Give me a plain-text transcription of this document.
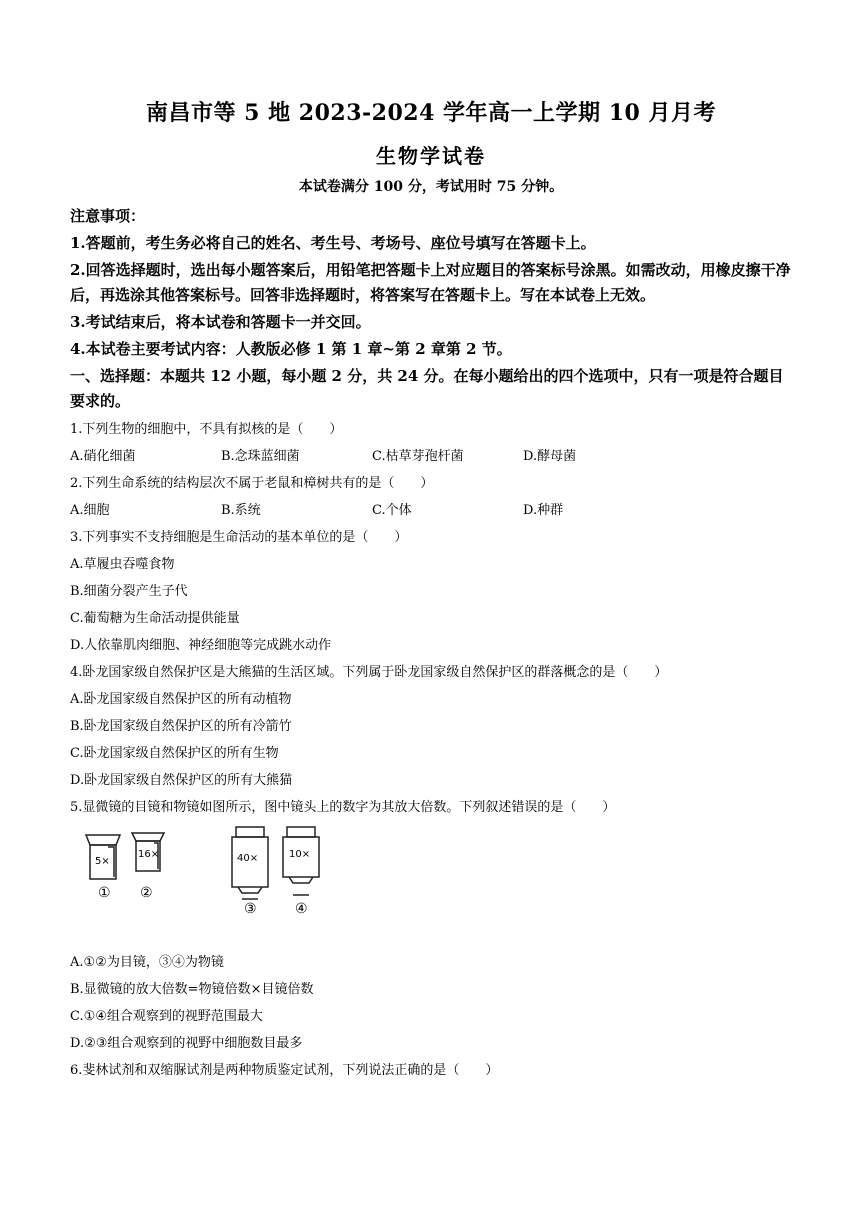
南昌市等 5 地 2023-2024 学年高一上学期 10 月月考
生物学试卷
本试卷满分 100 分，考试用时 75 分钟。
注意事项：
1.答题前，考生务必将自己的姓名、考生号、考场号、座位号填写在答题卡上。
2.回答选择题时，选出每小题答案后，用铅笔把答题卡上对应题目的答案标号涂黑。如需改动，用橡皮擦干净后，再选涂其他答案标号。回答非选择题时，将答案写在答题卡上。写在本试卷上无效。
3.考试结束后，将本试卷和答题卡一并交回。
4.本试卷主要考试内容：人教版必修 1 第 1 章~第 2 章第 2 节。
一、选择题：本题共 12 小题，每小题 2 分，共 24 分。在每小题给出的四个选项中，只有一项是符合题目要求的。
1.下列生物的细胞中，不具有拟核的是（　　）
A.硝化细菌	B.念珠蓝细菌	C.枯草芽孢杆菌	D.酵母菌
2.下列生命系统的结构层次不属于老鼠和樟树共有的是（　　）
A.细胞	B.系统	C.个体	D.种群
3.下列事实不支持细胞是生命活动的基本单位的是（　　）
A.草履虫吞噬食物
B.细菌分裂产生子代
C.葡萄糖为生命活动提供能量
D.人依靠肌肉细胞、神经细胞等完成跳水动作
4.卧龙国家级自然保护区是大熊猫的生活区域。下列属于卧龙国家级自然保护区的群落概念的是（　　）
A.卧龙国家级自然保护区的所有动植物
B.卧龙国家级自然保护区的所有冷箭竹
C.卧龙国家级自然保护区的所有生物
D.卧龙国家级自然保护区的所有大熊猫
5.显微镜的目镜和物镜如图所示，图中镜头上的数字为其放大倍数。下列叙述错误的是（　　）
5×
16×	40×	10×
① ②
③	④
A.①②为目镜，③④为物镜
B.显微镜的放大倍数=物镜倍数×目镜倍数
C.①④组合观察到的视野范围最大
D.②③组合观察到的视野中细胞数目最多
6.斐林试剂和双缩脲试剂是两种物质鉴定试剂，下列说法正确的是（　　）
